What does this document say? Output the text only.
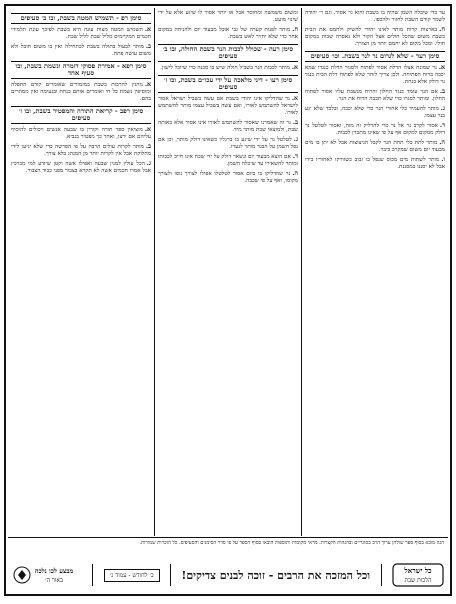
עד כדי שיכלה השמן שהיה בו בשבת והוא גר אסור. וגם ר׳ יהודה לשמר קודם השבת לחזור ולהכפו.
ח.בארצות קרות מותר לאינו יהודי להשיק ולחמם את הבית בשבת משום שהכל חולים אצל הקור ולא נאסרה שבות במקום חולי. ומכל מקום לא יחמם יותר מן הצורך.
סימן רעד - שלא לגרום נר לנר בשבת. וכו׳ סעיפים
א.נר שמונח אצלו הדלת אסור לפתוח ולסגור הדלת כנגדו שמא יכבה ברוח הפתיחה. ולכן צריך לזהר שלא לפתוח דלת הבית כנגד נר דולק אלא בנחת.
ב.אם הנר עומד כנגד החלון והרוח מנשבת עליו אסור לפתוח החלון. ומותר לסגרו כדי שלא תכבה הרוח את הנר.
ג.מותר להעמיד כלי אחורי הנר כדי שלא יכבה, ובלבד שלא יגע בנר עצמו.
ד.אסור לקרב נר אל נר כדי להדליק זה מזה, ואסור לטלטל נר דולק ממקום למקום אף על פי שאינו מתכוין לכבות.
ה.מותר לתת כלי תחת הנר לקבל הניצוצות אבל לא יתן בו מים מבעוד יום משום שמקרב כיבוי.
ו.מותר לשתות מים מכוס שנפל בו זבוב כשזורקו לאחוריו בידו אבל לא יסננו במסננת.
ומשום משמשה ומחוסר אכל או יותר אסור לו שיגע אלא על ידי שינוי מועט.
ח.מותר לפנות קערה של גבי אוכל מבעוד יום ולהניחה במקום אחר כדי שלא יחזיר לאש בשבת.
סימן רעה - שכולל לכבות הנר בשבת החולה, ובו ב׳ סעיפים
א.מותר לכבות הנר בשביל חולה שיש בו סכנה כדי שיוכל לישון.
סימן רעו - דיני מלאכה על ידי עכו״ם בשבת, ובו ז׳ סעיפים
א.נר שהדליקו אינו יהודי בשבת אם עשה בשביל ישראל אסור לישראל להשתמש לאורו, ואם עשה בשביל עצמו מותר להשתמש לאורו.
ב.נר זה שאמרנו שאסור להשתמש לאורו אינו אסור אלא באותה שבת, ולמוצאי שבת מותר מיד.
ג.לטלטל נר על ידי שיגע בו ברגליו כשאינו דולק מותר, וכן אם נפל השמן על הבגד מותר לנערו.
ד.אם הוצא מבעוד יום ונשאר דולק על ידי שכח אינו חייב לכבותו ומותר להשאירו עד שיכלה השמן.
ה.נר שהדליקו בו ביום אסור לטלטלו אפילו לצורך גופו ולצורך מקומו, ואף על פי שכבה.
סימן רפ - תשמיש המטה בשבת, ובו ב׳ סעיפים
א.תשמיש המטה מצות עונה היא בשבת לפיכך עונת תלמידי חכמים המקיימים מליל שבת לליל שבת.
ב.מותר לבעול בתולה בשבת לכתחילה ואין בו משום חובל ולא משום עושה פתח.
סימן רפא - אמירת פסוקי דזמרה ונשמת בשבת, ובו סעיף אחד
א.נוהגין להרבות בשבת במזמורים שאומרים קודם התפלה ומוסיפין נשמת כל חי ואומרים אותם בנחת ובנעימה ואין ממהרים בהם.
סימן רפב - קריאת התורה והמפטיר בשבת, ובו ז׳ סעיפים
א.מוציאין ספר תורה וקורין בו שבעה אנשים ויכולים להוסיף עליהם אם ירצו, ואחר כך מפטיר בנביא.
ב.מותר לקרות עולים הרבה על פי הפרשה כדי שלא יגיעו לידי מחלוקת אבל אין לקרות יותר מן המנהג בלא צורך.
ג.הכל עולין למנין שבעה ואפילו אשה וקטן שיודע למי מברכין אבל אמרו חכמים אשה לא תקרא בצבור מפני כבוד הצבור.
הגה מובא בסוף ספר שולחן ערוך הרב בסוגריים ובהגהות הקצרות. מראי מקומות ותוספות הובאו בסוף הספר על פי סדר הסימנים והסעיפים. כל הזכויות שמורות.
כל ישראל
הלכות שבת
וכל המזכה את הרבים - זוכה לבנים צדיקים!
ב׳ לחודש - עמוד ג׳
מבצע לכו נלכה
באור ה׳
